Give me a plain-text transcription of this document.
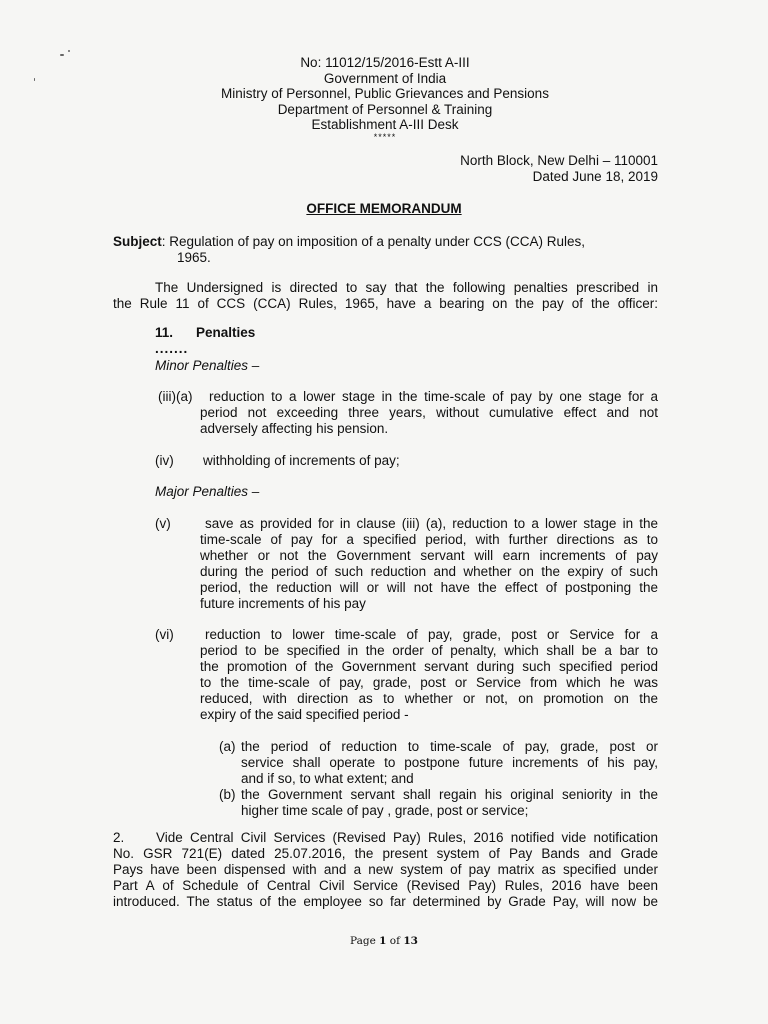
No: 11012/15/2016-Estt A-III
Government of India
Ministry of Personnel, Public Grievances and Pensions
Department of Personnel & Training
Establishment A-III Desk
*****
North Block, New Delhi – 110001
Dated June 18, 2019
OFFICE MEMORANDUM
Subject: Regulation of pay on imposition of a penalty under CCS (CCA) Rules,
1965.
The Undersigned is directed to say that the following penalties prescribed in
the Rule 11 of CCS (CCA) Rules, 1965, have a bearing on the pay of the officer:
11. Penalties
.......
Minor Penalties –
(iii)(a) reduction to a lower stage in the time-scale of pay by one stage for a
period not exceeding three years, without cumulative effect and not
adversely affecting his pension.
(iv) withholding of increments of pay;
Major Penalties –
(v)	save as provided for in clause (iii) (a), reduction to a lower stage in the
time-scale of pay for a specified period, with further directions as to
whether or not the Government servant will earn increments of pay
during the period of such reduction and whether on the expiry of such
period, the reduction will or will not have the effect of postponing the
future increments of his pay
(vi) reduction to lower time-scale of pay, grade, post or Service for a
period to be specified in the order of penalty, which shall be a bar to
the promotion of the Government servant during such specified period
to the time-scale of pay, grade, post or Service from which he was
reduced, with direction as to whether or not, on promotion on the
expiry of the said specified period -
(a) the period of reduction to time-scale of pay, grade, post or
service shall operate to postpone future increments of his pay,
and if so, to what extent; and
(b) the Government servant shall regain his original seniority in the
higher time scale of pay , grade, post or service;
2. Vide Central Civil Services (Revised Pay) Rules, 2016 notified vide notification
No. GSR 721(E) dated 25.07.2016, the present system of Pay Bands and Grade
Pays have been dispensed with and a new system of pay matrix as specified under
Part A of Schedule of Central Civil Service (Revised Pay) Rules, 2016 have been
introduced. The status of the employee so far determined by Grade Pay, will now be
Page 1 of 13
